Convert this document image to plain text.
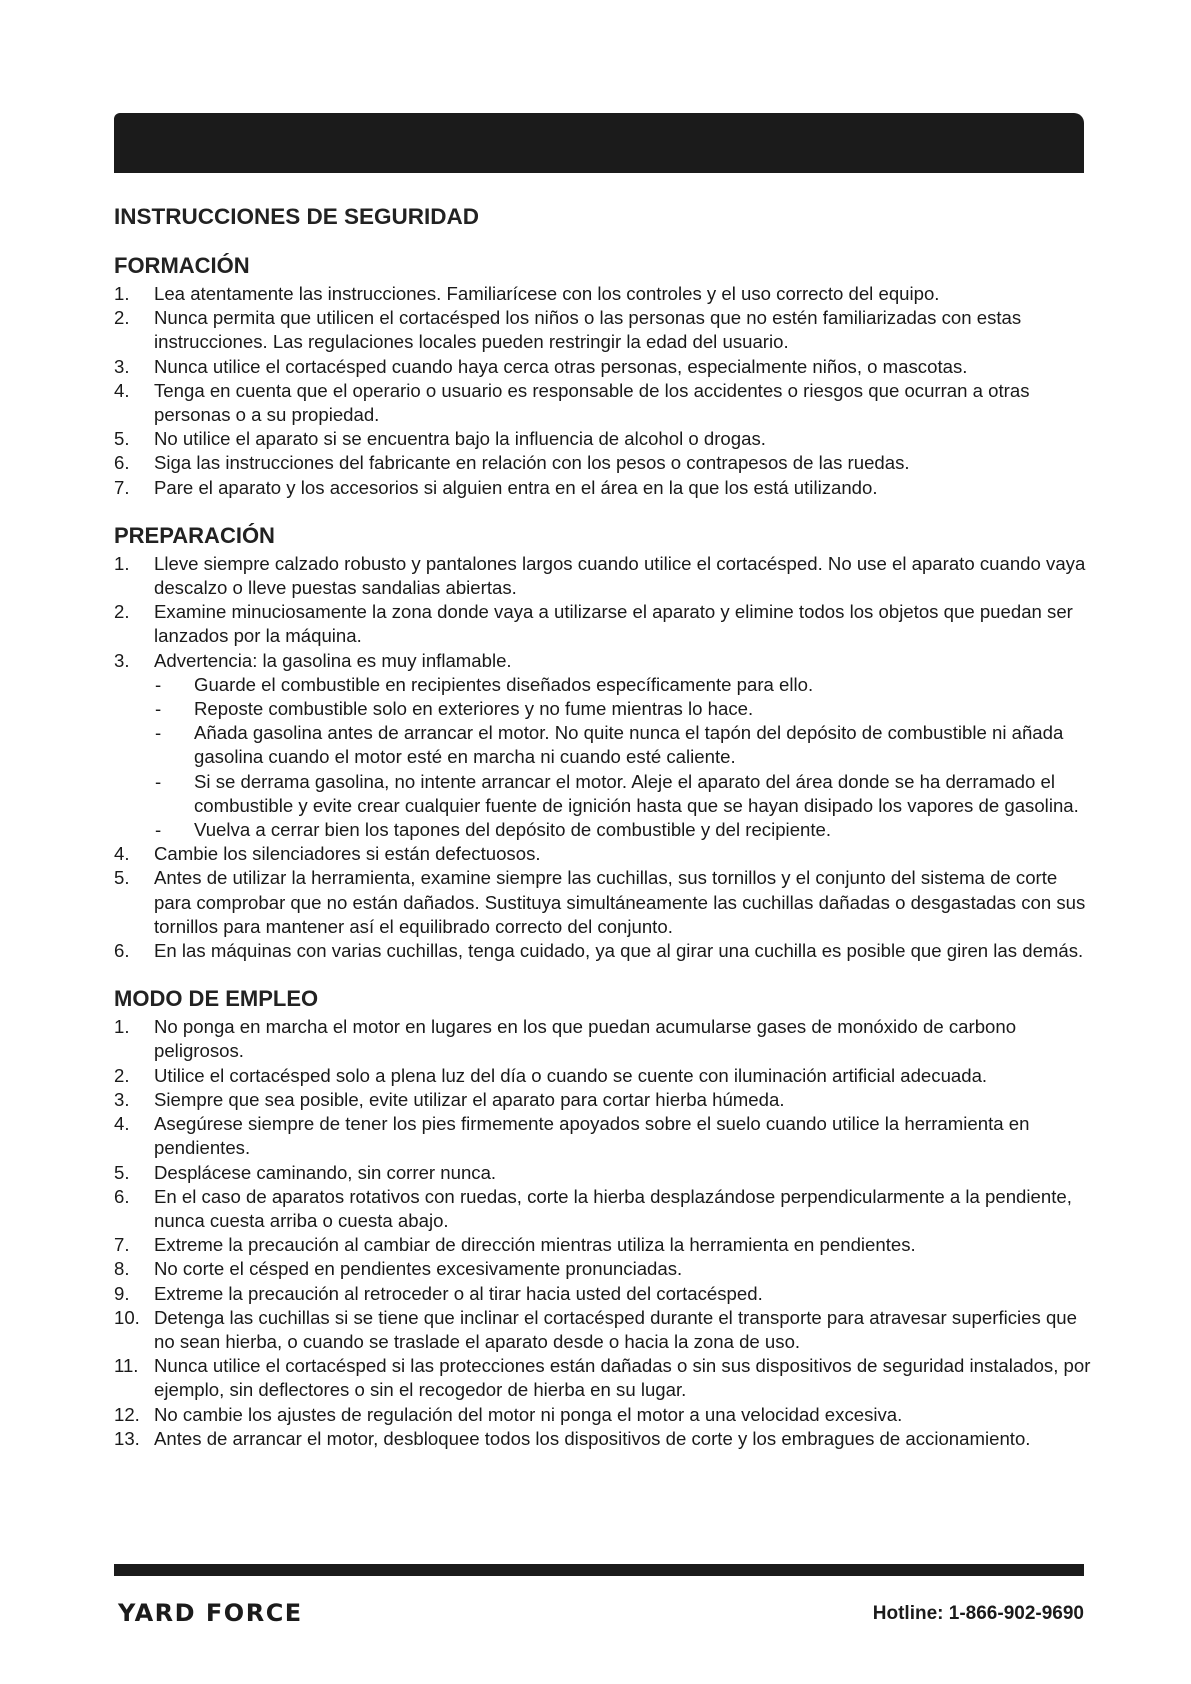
INSTRUCCIONES DE SEGURIDAD
FORMACIÓN
1. Lea atentamente las instrucciones. Familiarícese con los controles y el uso correcto del equipo.
2. Nunca permita que utilicen el cortacésped los niños o las personas que no estén familiarizadas con estas instrucciones. Las regulaciones locales pueden restringir la edad del usuario.
3. Nunca utilice el cortacésped cuando haya cerca otras personas, especialmente niños, o mascotas.
4. Tenga en cuenta que el operario o usuario es responsable de los accidentes o riesgos que ocurran a otras personas o a su propiedad.
5. No utilice el aparato si se encuentra bajo la influencia de alcohol o drogas.
6. Siga las instrucciones del fabricante en relación con los pesos o contrapesos de las ruedas.
7. Pare el aparato y los accesorios si alguien entra en el área en la que los está utilizando.
PREPARACIÓN
1. Lleve siempre calzado robusto y pantalones largos cuando utilice el cortacésped. No use el aparato cuando vaya descalzo o lleve puestas sandalias abiertas.
2. Examine minuciosamente la zona donde vaya a utilizarse el aparato y elimine todos los objetos que puedan ser lanzados por la máquina.
3. Advertencia: la gasolina es muy inflamable.
- Guarde el combustible en recipientes diseñados específicamente para ello.
- Reposte combustible solo en exteriores y no fume mientras lo hace.
- Añada gasolina antes de arrancar el motor. No quite nunca el tapón del depósito de combustible ni añada gasolina cuando el motor esté en marcha ni cuando esté caliente.
- Si se derrama gasolina, no intente arrancar el motor. Aleje el aparato del área donde se ha derramado el combustible y evite crear cualquier fuente de ignición hasta que se hayan disipado los vapores de gasolina.
- Vuelva a cerrar bien los tapones del depósito de combustible y del recipiente.
4. Cambie los silenciadores si están defectuosos.
5. Antes de utilizar la herramienta, examine siempre las cuchillas, sus tornillos y el conjunto del sistema de corte para comprobar que no están dañados. Sustituya simultáneamente las cuchillas dañadas o desgastadas con sus tornillos para mantener así el equilibrado correcto del conjunto.
6. En las máquinas con varias cuchillas, tenga cuidado, ya que al girar una cuchilla es posible que giren las demás.
MODO DE EMPLEO
1. No ponga en marcha el motor en lugares en los que puedan acumularse gases de monóxido de carbono peligrosos.
2. Utilice el cortacésped solo a plena luz del día o cuando se cuente con iluminación artificial adecuada.
3. Siempre que sea posible, evite utilizar el aparato para cortar hierba húmeda.
4. Asegúrese siempre de tener los pies firmemente apoyados sobre el suelo cuando utilice la herramienta en pendientes.
5. Desplácese caminando, sin correr nunca.
6. En el caso de aparatos rotativos con ruedas, corte la hierba desplazándose perpendicularmente a la pendiente, nunca cuesta arriba o cuesta abajo.
7. Extreme la precaución al cambiar de dirección mientras utiliza la herramienta en pendientes.
8. No corte el césped en pendientes excesivamente pronunciadas.
9. Extreme la precaución al retroceder o al tirar hacia usted del cortacésped.
10. Detenga las cuchillas si se tiene que inclinar el cortacésped durante el transporte para atravesar superficies que no sean hierba, o cuando se traslade el aparato desde o hacia la zona de uso.
11. Nunca utilice el cortacésped si las protecciones están dañadas o sin sus dispositivos de seguridad instalados, por ejemplo, sin deflectores o sin el recogedor de hierba en su lugar.
12. No cambie los ajustes de regulación del motor ni ponga el motor a una velocidad excesiva.
13. Antes de arrancar el motor, desbloquee todos los dispositivos de corte y los embragues de accionamiento.
YARD FORCE	Hotline: 1-866-902-9690
